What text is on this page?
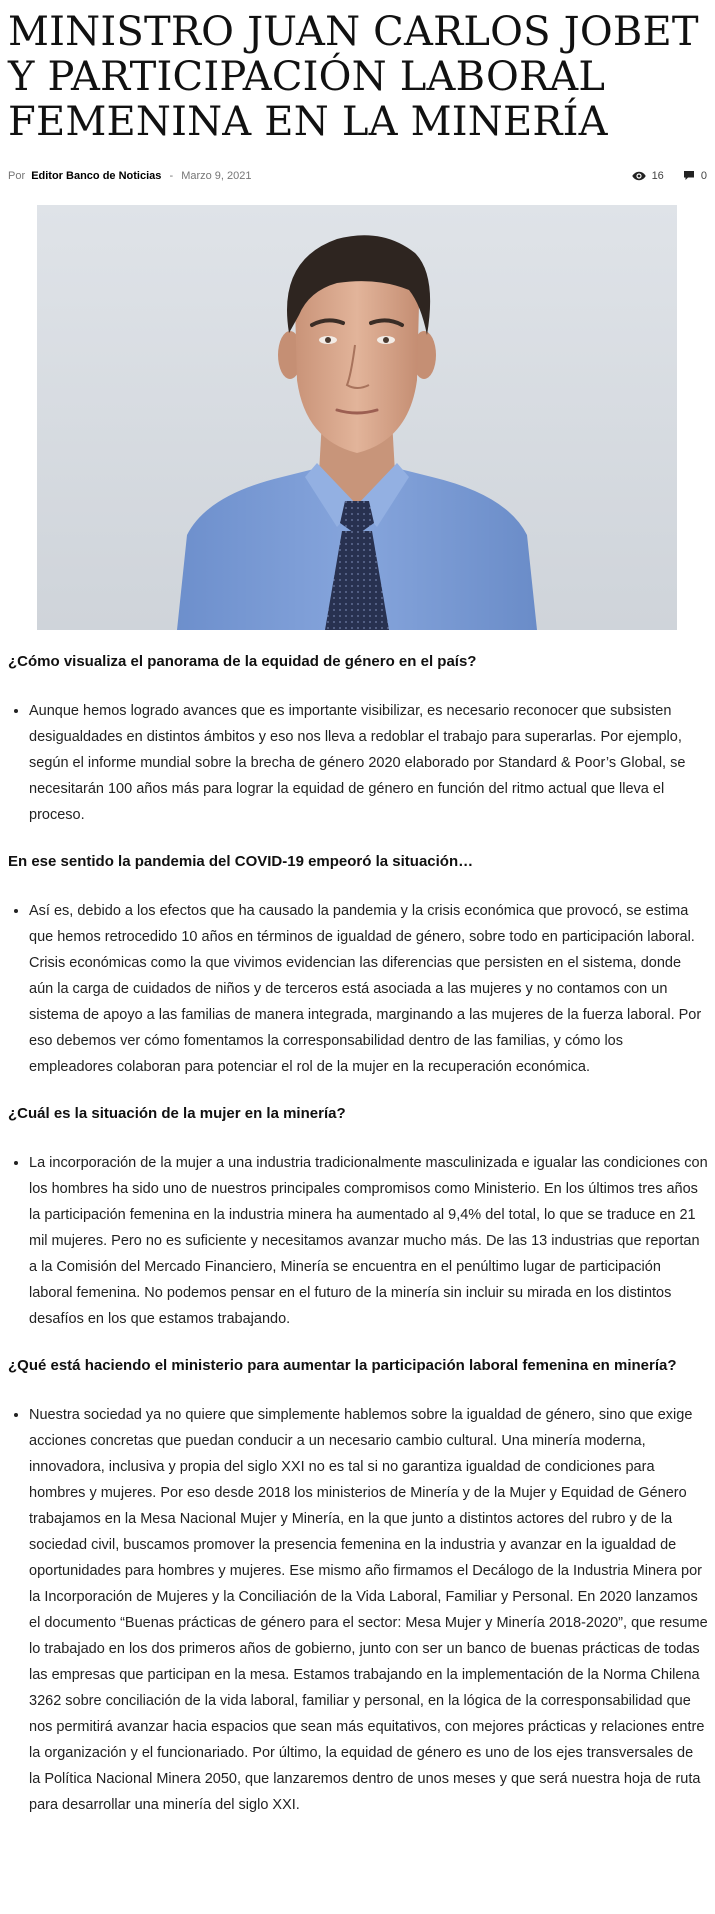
MINISTRO JUAN CARLOS JOBET Y PARTICIPACIÓN LABORAL FEMENINA EN LA MINERÍA
Por Editor Banco de Noticias - Marzo 9, 2021	16	0

¿Cómo visualiza el panorama de la equidad de género en el país?

• Aunque hemos logrado avances que es importante visibilizar, es necesario reconocer que subsisten desigualdades en distintos ámbitos y eso nos lleva a redoblar el trabajo para superarlas. Por ejemplo, según el informe mundial sobre la brecha de género 2020 elaborado por Standard & Poor’s Global, se necesitarán 100 años más para lograr la equidad de género en función del ritmo actual que lleva el proceso.

En ese sentido la pandemia del COVID-19 empeoró la situación…

• Así es, debido a los efectos que ha causado la pandemia y la crisis económica que provocó, se estima que hemos retrocedido 10 años en términos de igualdad de género, sobre todo en participación laboral. Crisis económicas como la que vivimos evidencian las diferencias que persisten en el sistema, donde aún la carga de cuidados de niños y de terceros está asociada a las mujeres y no contamos con un sistema de apoyo a las familias de manera integrada, marginando a las mujeres de la fuerza laboral. Por eso debemos ver cómo fomentamos la corresponsabilidad dentro de las familias, y cómo los empleadores colaboran para potenciar el rol de la mujer en la recuperación económica.

¿Cuál es la situación de la mujer en la minería?

• La incorporación de la mujer a una industria tradicionalmente masculinizada e igualar las condiciones con los hombres ha sido uno de nuestros principales compromisos como Ministerio. En los últimos tres años la participación femenina en la industria minera ha aumentado al 9,4% del total, lo que se traduce en 21 mil mujeres. Pero no es suficiente y necesitamos avanzar mucho más. De las 13 industrias que reportan a la Comisión del Mercado Financiero, Minería se encuentra en el penúltimo lugar de participación laboral femenina. No podemos pensar en el futuro de la minería sin incluir su mirada en los distintos desafíos en los que estamos trabajando.

¿Qué está haciendo el ministerio para aumentar la participación laboral femenina en minería?

• Nuestra sociedad ya no quiere que simplemente hablemos sobre la igualdad de género, sino que exige acciones concretas que puedan conducir a un necesario cambio cultural. Una minería moderna, innovadora, inclusiva y propia del siglo XXI no es tal si no garantiza igualdad de condiciones para hombres y mujeres. Por eso desde 2018 los ministerios de Minería y de la Mujer y Equidad de Género trabajamos en la Mesa Nacional Mujer y Minería, en la que junto a distintos actores del rubro y de la sociedad civil, buscamos promover la presencia femenina en la industria y avanzar en la igualdad de oportunidades para hombres y mujeres. Ese mismo año firmamos el Decálogo de la Industria Minera por la Incorporación de Mujeres y la Conciliación de la Vida Laboral, Familiar y Personal. En 2020 lanzamos el documento “Buenas prácticas de género para el sector: Mesa Mujer y Minería 2018-2020”, que resume lo trabajado en los dos primeros años de gobierno, junto con ser un banco de buenas prácticas de todas las empresas que participan en la mesa. Estamos trabajando en la implementación de la Norma Chilena 3262 sobre conciliación de la vida laboral, familiar y personal, en la lógica de la corresponsabilidad que nos permitirá avanzar hacia espacios que sean más equitativos, con mejores prácticas y relaciones entre la organización y el funcionariado. Por último, la equidad de género es uno de los ejes transversales de la Política Nacional Minera 2050, que lanzaremos dentro de unos meses y que será nuestra hoja de ruta para desarrollar una minería del siglo XXI.
